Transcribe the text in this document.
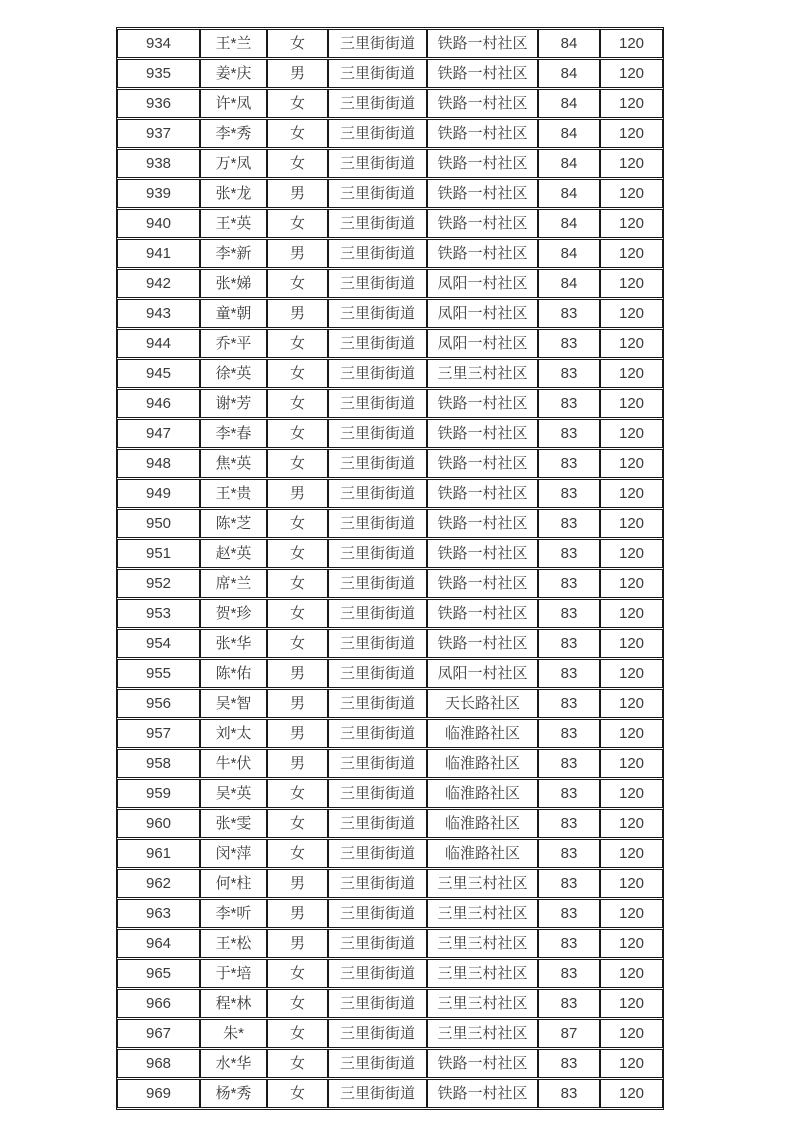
934	王*兰	女	三里街街道	铁路一村社区	84	120
935	姜*庆	男	三里街街道	铁路一村社区	84	120
936	许*凤	女	三里街街道	铁路一村社区	84	120
937	李*秀	女	三里街街道	铁路一村社区	84	120
938	万*凤	女	三里街街道	铁路一村社区	84	120
939	张*龙	男	三里街街道	铁路一村社区	84	120
940	王*英	女	三里街街道	铁路一村社区	84	120
941	李*新	男	三里街街道	铁路一村社区	84	120
942	张*娣	女	三里街街道	凤阳一村社区	84	120
943	童*朝	男	三里街街道	凤阳一村社区	83	120
944	乔*平	女	三里街街道	凤阳一村社区	83	120
945	徐*英	女	三里街街道	三里三村社区	83	120
946	谢*芳	女	三里街街道	铁路一村社区	83	120
947	李*春	女	三里街街道	铁路一村社区	83	120
948	焦*英	女	三里街街道	铁路一村社区	83	120
949	王*贵	男	三里街街道	铁路一村社区	83	120
950	陈*芝	女	三里街街道	铁路一村社区	83	120
951	赵*英	女	三里街街道	铁路一村社区	83	120
952	席*兰	女	三里街街道	铁路一村社区	83	120
953	贺*珍	女	三里街街道	铁路一村社区	83	120
954	张*华	女	三里街街道	铁路一村社区	83	120
955	陈*佑	男	三里街街道	凤阳一村社区	83	120
956	吴*智	男	三里街街道	天长路社区	83	120
957	刘*太	男	三里街街道	临淮路社区	83	120
958	牛*伏	男	三里街街道	临淮路社区	83	120
959	吴*英	女	三里街街道	临淮路社区	83	120
960	张*雯	女	三里街街道	临淮路社区	83	120
961	闵*萍	女	三里街街道	临淮路社区	83	120
962	何*柱	男	三里街街道	三里三村社区	83	120
963	李*听	男	三里街街道	三里三村社区	83	120
964	王*松	男	三里街街道	三里三村社区	83	120
965	于*培	女	三里街街道	三里三村社区	83	120
966	程*林	女	三里街街道	三里三村社区	83	120
967	朱*	女	三里街街道	三里三村社区	87	120
968	水*华	女	三里街街道	铁路一村社区	83	120
969	杨*秀	女	三里街街道	铁路一村社区	83	120
